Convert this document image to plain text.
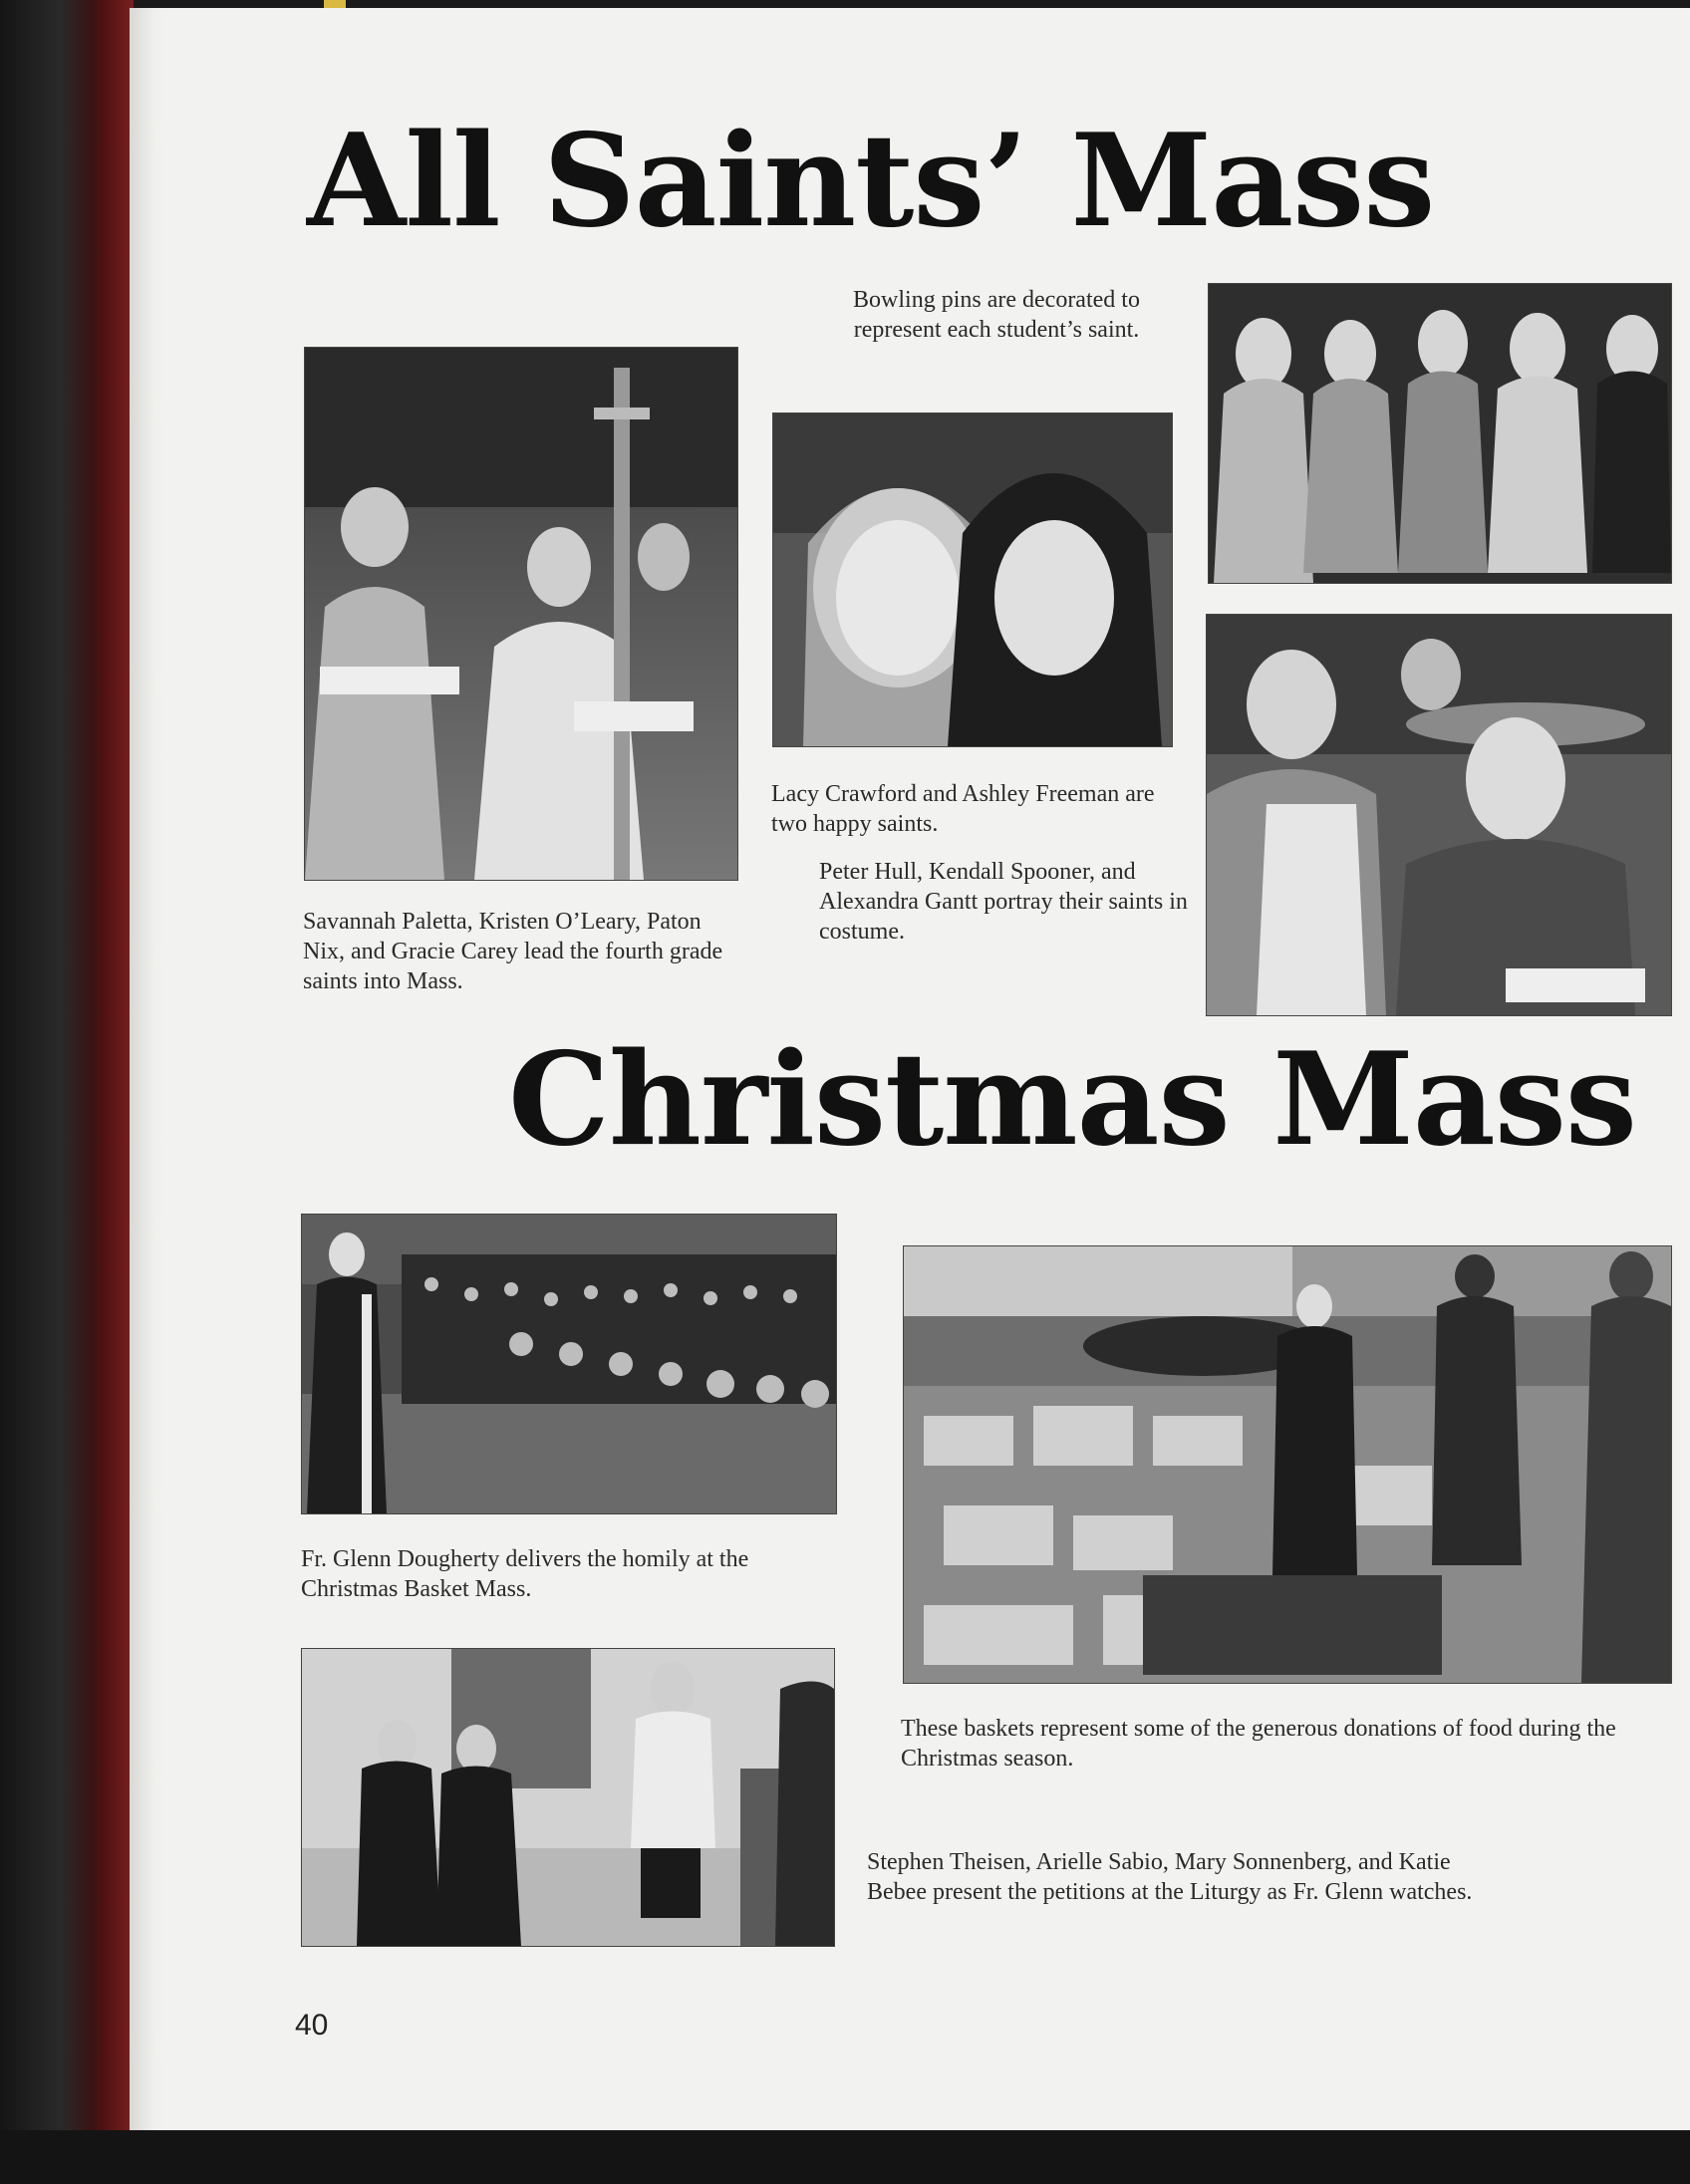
All Saints’ Mass
Christmas Mass

Bowling pins are decorated to represent each student’s saint.

Lacy Crawford and Ashley Freeman are two happy saints.

Peter Hull, Kendall Spooner, and Alexandra Gantt portray their saints in costume.

Savannah Paletta, Kristen O’Leary, Paton Nix, and Gracie Carey lead the fourth grade saints into Mass.

Fr. Glenn Dougherty delivers the homily at the Christmas Basket Mass.

These baskets represent some of the generous donations of food during the Christmas season.

Stephen Theisen, Arielle Sabio, Mary Sonnenberg, and Katie Bebee present the petitions at the Liturgy as Fr. Glenn watches.

40
